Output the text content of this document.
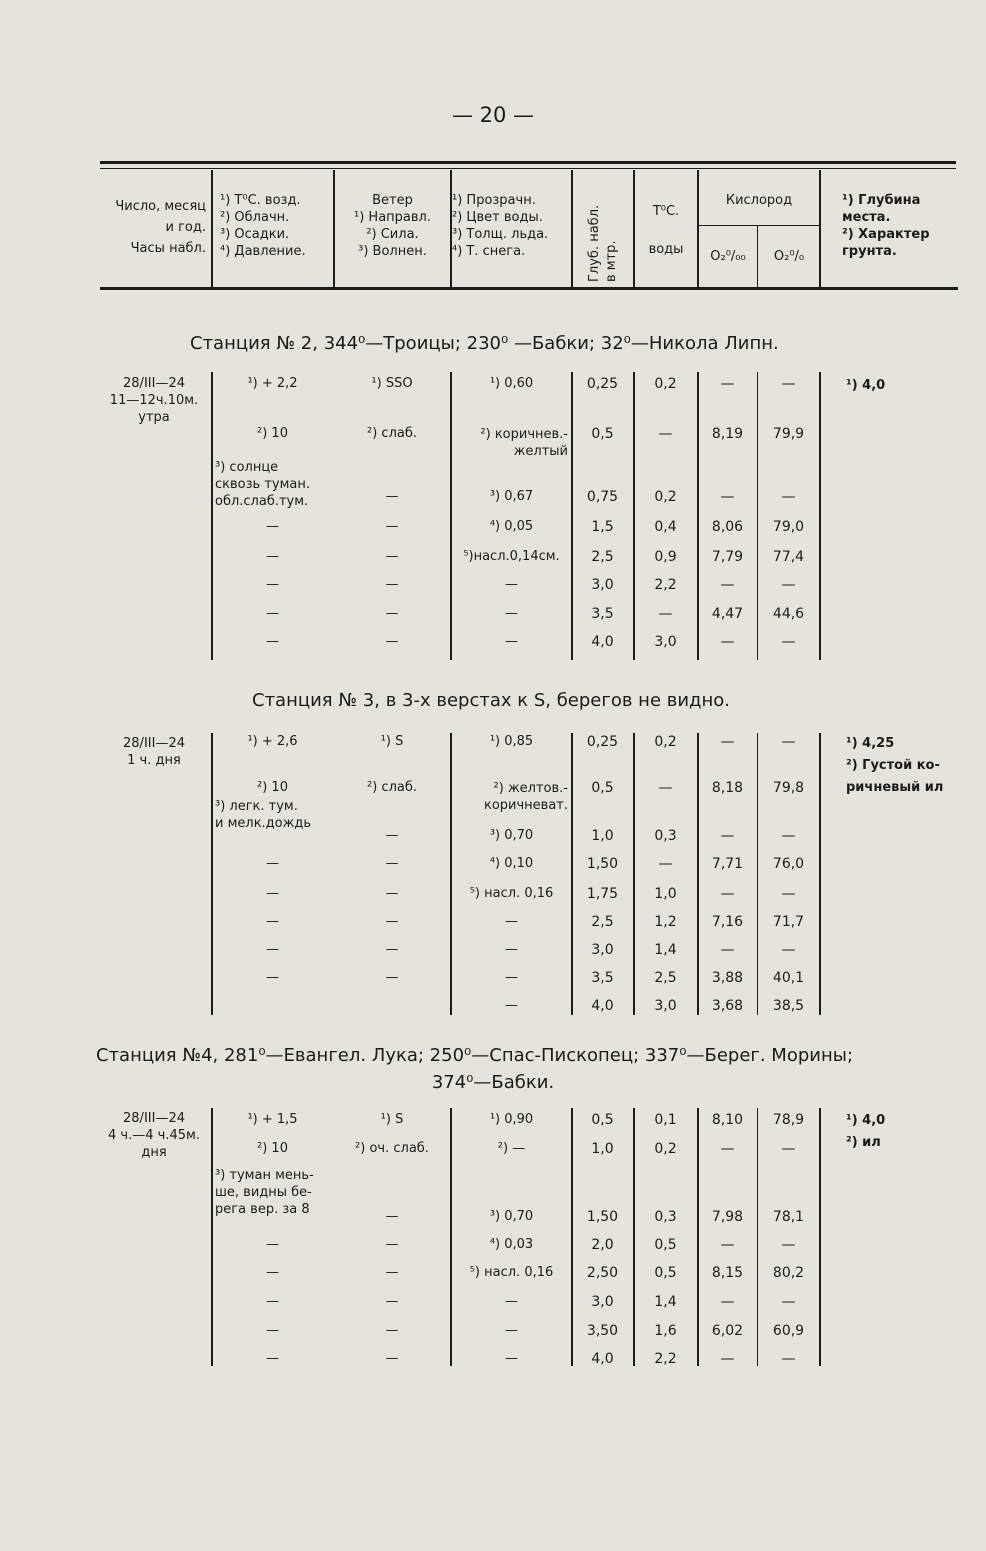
— 20 —
Число, месяц
и год.
Часы набл.
¹) T⁰C. возд.
²) Облачн.
³) Осадки.
⁴) Давление.
Ветер
¹) Направл.
²) Сила.
³) Волнен.
¹) Прозрачн.
²) Цвет воды.
³) Толщ. льда.
⁴) Т. снега.	Глуб. набл.
в мтр.
T⁰C.

воды
Кислород
O₂⁰/₀₀	O₂⁰/₀
¹) Глубина
места.
²) Характер
грунта.
Станция № 2, 344⁰—Троицы; 230⁰ —Бабки; 32⁰—Никола Липн.
28/III—24
11—12ч.10м.
утра
¹) 4,0
¹) + 2,2
²) 10
³) солнце
сквозь туман.
обл.слаб.тум.
—
—
—
—
—
¹) SSO
²) слаб.
—
—
—
—
—
—
¹) 0,60
²) коричнев.-
желтый
³) 0,67
⁴) 0,05
⁵)насл.0,14см.
—
—
—
0,25
0,5
0,75
1,5
2,5
3,0
3,5
4,0
0,2
—
0,2
0,4
0,9
2,2
—
3,0
—
8,19
—
8,06
7,79
—
4,47
—
—
79,9
—
79,0
77,4
—
44,6
—
Станция № 3, в 3-х верстах к S, берегов не видно.
28/III—24
1 ч. дня
¹) 4,25
²) Густой ко-
ричневый ил
¹) + 2,6
²) 10
³) легк. тум.
и мелк.дождь
—
—
—
—
—
¹) S
²) слаб.
—
—
—
—
—
—
¹) 0,85
²) желтов.-
коричневат.
³) 0,70
⁴) 0,10
⁵) насл. 0,16
—
—
—
—
0,25
0,5
1,0
1,50
1,75
2,5
3,0
3,5
4,0
0,2
—
0,3
—
1,0
1,2
1,4
2,5
3,0
—
8,18
—
7,71
—
7,16
—
3,88
3,68
—
79,8
—
76,0
—
71,7
—
40,1
38,5
Станция №4, 281⁰—Евангел. Лука; 250⁰—Спас-Пископец; 337⁰—Берег. Морины;
374⁰—Бабки.
28/III—24
4 ч.—4 ч.45м.
дня
¹) 4,0
²) ил
¹) + 1,5
²) 10
³) туман мень-
ше, видны бе-
рега вер. за 8
—
—
—
—
—
¹) S
²) оч. слаб.
—
—
—
—
—
—
¹) 0,90
²) —
³) 0,70
⁴) 0,03
⁵) насл. 0,16
—
—
—
0,5
1,0
1,50
2,0
2,50
3,0
3,50
4,0
0,1
0,2
0,3
0,5
0,5
1,4
1,6
2,2
8,10
—
7,98
—
8,15
—
6,02
—
78,9
—
78,1
—
80,2
—
60,9
—
